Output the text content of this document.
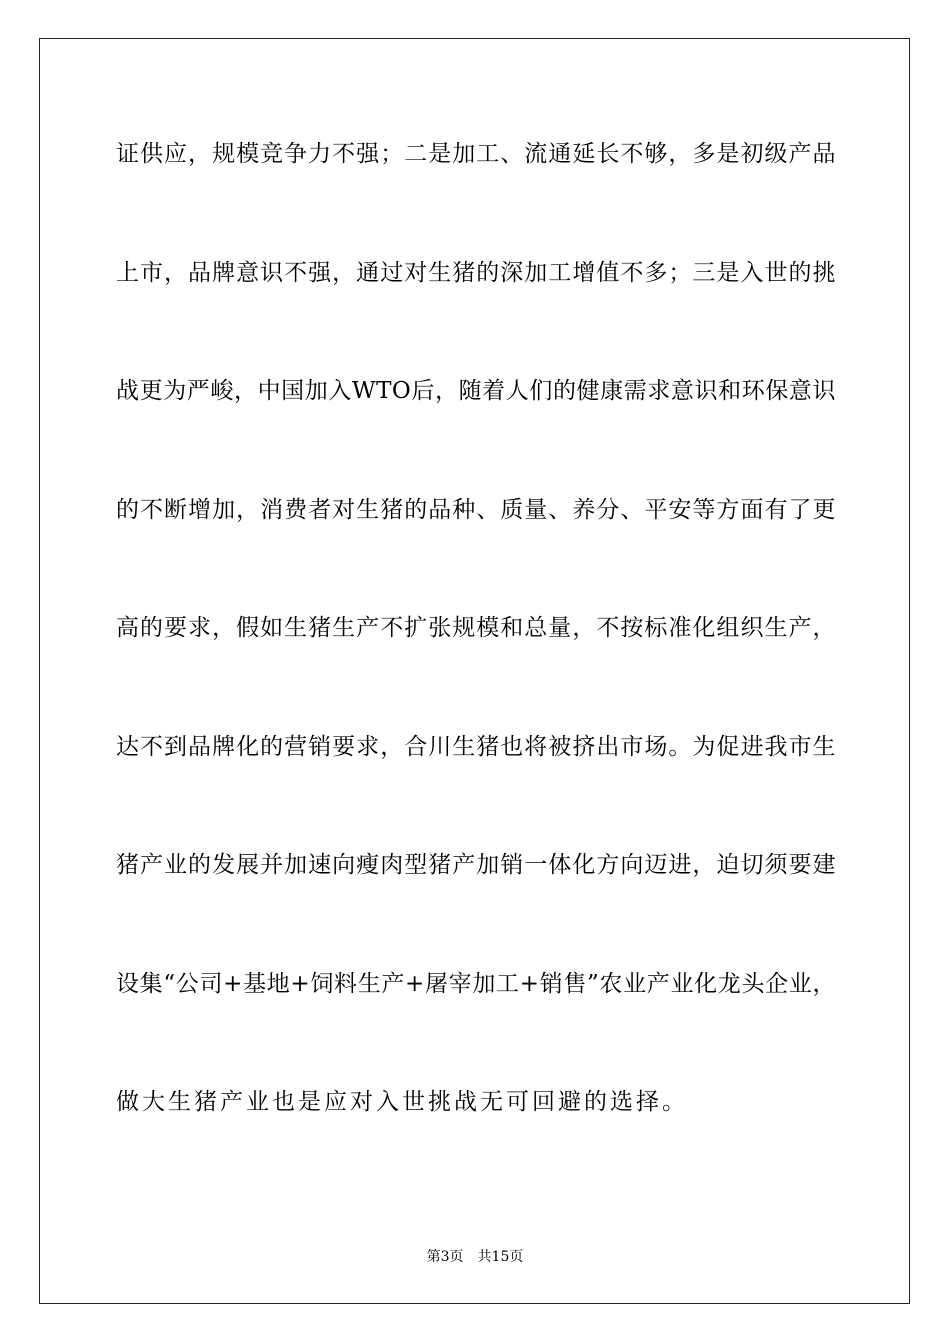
证供应，规模竞争力不强；二是加工、流通延长不够，多是初级产品
上市，品牌意识不强，通过对生猪的深加工增值不多；三是入世的挑
战更为严峻，中国加入WTO后，随着人们的健康需求意识和环保意识
的不断增加，消费者对生猪的品种、质量、养分、平安等方面有了更
高的要求，假如生猪生产不扩张规模和总量，不按标准化组织生产，
达不到品牌化的营销要求，合川生猪也将被挤出市场。为促进我市生
猪产业的发展并加速向瘦肉型猪产加销一体化方向迈进，迫切须要建
设集“公司+基地+饲料生产+屠宰加工+销售”农业产业化龙头企业，
做大生猪产业也是应对入世挑战无可回避的选择。
第3页 共15页
